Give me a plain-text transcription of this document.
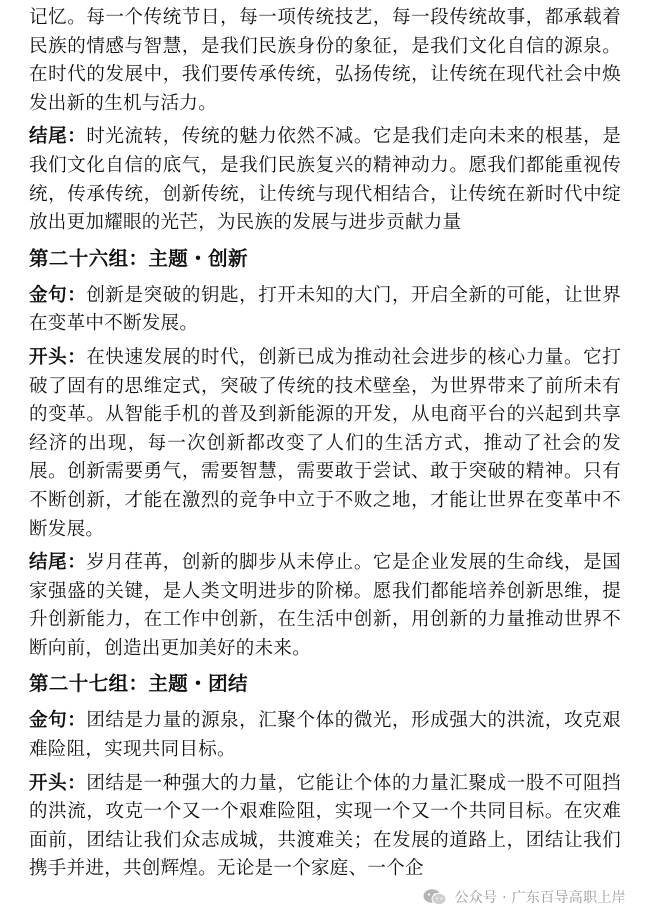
记忆。每一个传统节日，每一项传统技艺，每一段传统故事，都承载着民族的情感与智慧，是我们民族身份的象征，是我们文化自信的源泉。在时代的发展中，我们要传承传统，弘扬传统，让传统在现代社会中焕发出新的生机与活力。

结尾：时光流转，传统的魅力依然不减。它是我们走向未来的根基，是我们文化自信的底气，是我们民族复兴的精神动力。愿我们都能重视传统，传承传统，创新传统，让传统与现代相结合，让传统在新时代中绽放出更加耀眼的光芒，为民族的发展与进步贡献力量

第二十六组：主题・创新

金句：创新是突破的钥匙，打开未知的大门，开启全新的可能，让世界在变革中不断发展。

开头：在快速发展的时代，创新已成为推动社会进步的核心力量。它打破了固有的思维定式，突破了传统的技术壁垒，为世界带来了前所未有的变革。从智能手机的普及到新能源的开发，从电商平台的兴起到共享经济的出现，每一次创新都改变了人们的生活方式，推动了社会的发展。创新需要勇气，需要智慧，需要敢于尝试、敢于突破的精神。只有不断创新，才能在激烈的竞争中立于不败之地，才能让世界在变革中不断发展。

结尾：岁月荏苒，创新的脚步从未停止。它是企业发展的生命线，是国家强盛的关键，是人类文明进步的阶梯。愿我们都能培养创新思维，提升创新能力，在工作中创新，在生活中创新，用创新的力量推动世界不断向前，创造出更加美好的未来。

第二十七组：主题・团结

金句：团结是力量的源泉，汇聚个体的微光，形成强大的洪流，攻克艰难险阻，实现共同目标。

开头：团结是一种强大的力量，它能让个体的力量汇聚成一股不可阻挡的洪流，攻克一个又一个艰难险阻，实现一个又一个共同目标。在灾难面前，团结让我们众志成城，共渡难关；在发展的道路上，团结让我们携手并进，共创辉煌。无论是一个家庭、一个企

公众号 · 广东百导高职上岸
